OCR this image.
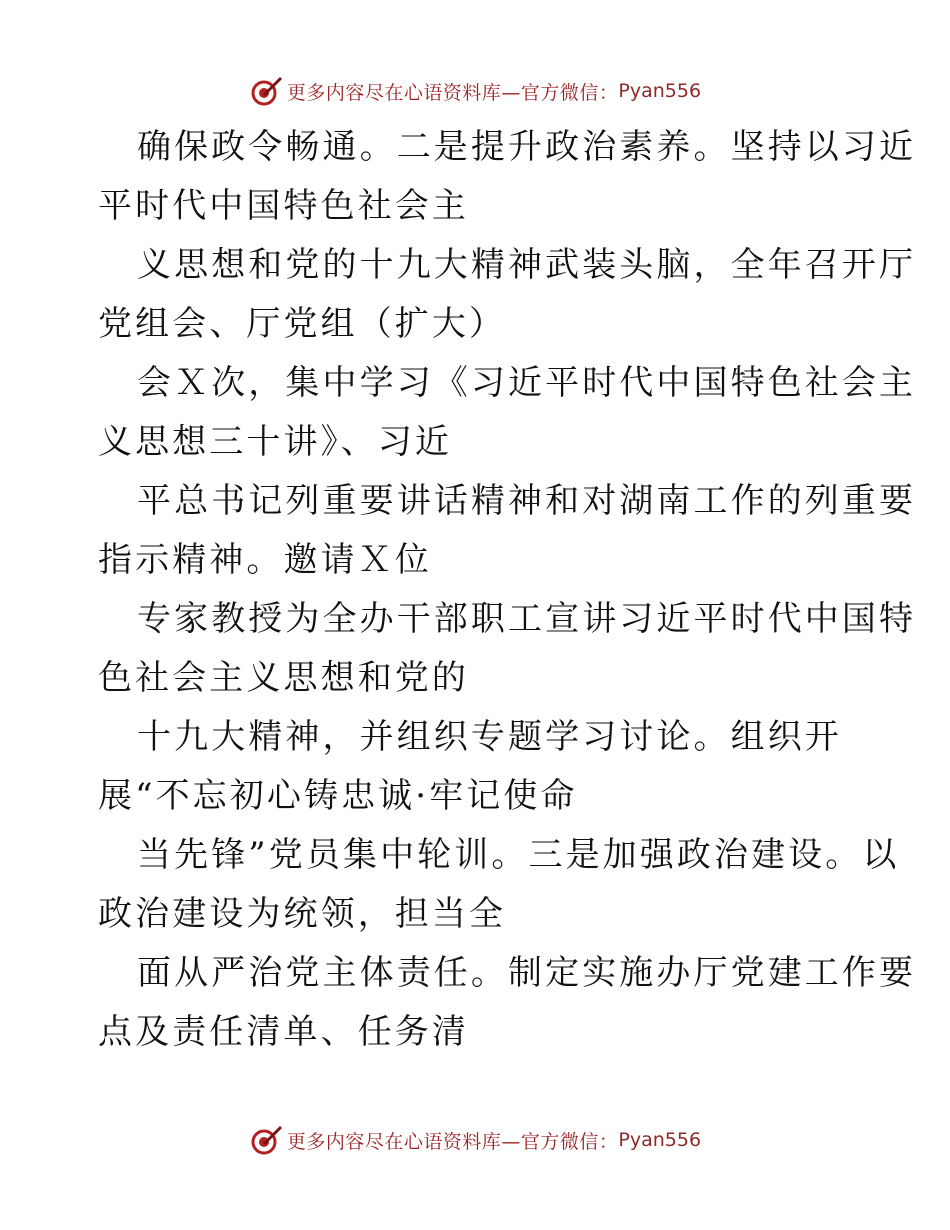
更多内容尽在心语资料库—官方微信： Pyan556
确保政令畅通。二是提升政治素养。坚持以习近
平时代中国特色社会主
义思想和党的十九大精神武装头脑，全年召开厅
党组会、厅党组（扩大）
会Ｘ次，集中学习《习近平时代中国特色社会主
义思想三十讲》、习近
平总书记列重要讲话精神和对湖南工作的列重要
指示精神。邀请Ｘ位
专家教授为全办干部职工宣讲习近平时代中国特
色社会主义思想和党的
十九大精神，并组织专题学习讨论。组织开
展“不忘初心铸忠诚·牢记使命
当先锋”党员集中轮训。三是加强政治建设。以
政治建设为统领，担当全
面从严治党主体责任。制定实施办厅党建工作要
点及责任清单、任务清
更多内容尽在心语资料库—官方微信： Pyan556
